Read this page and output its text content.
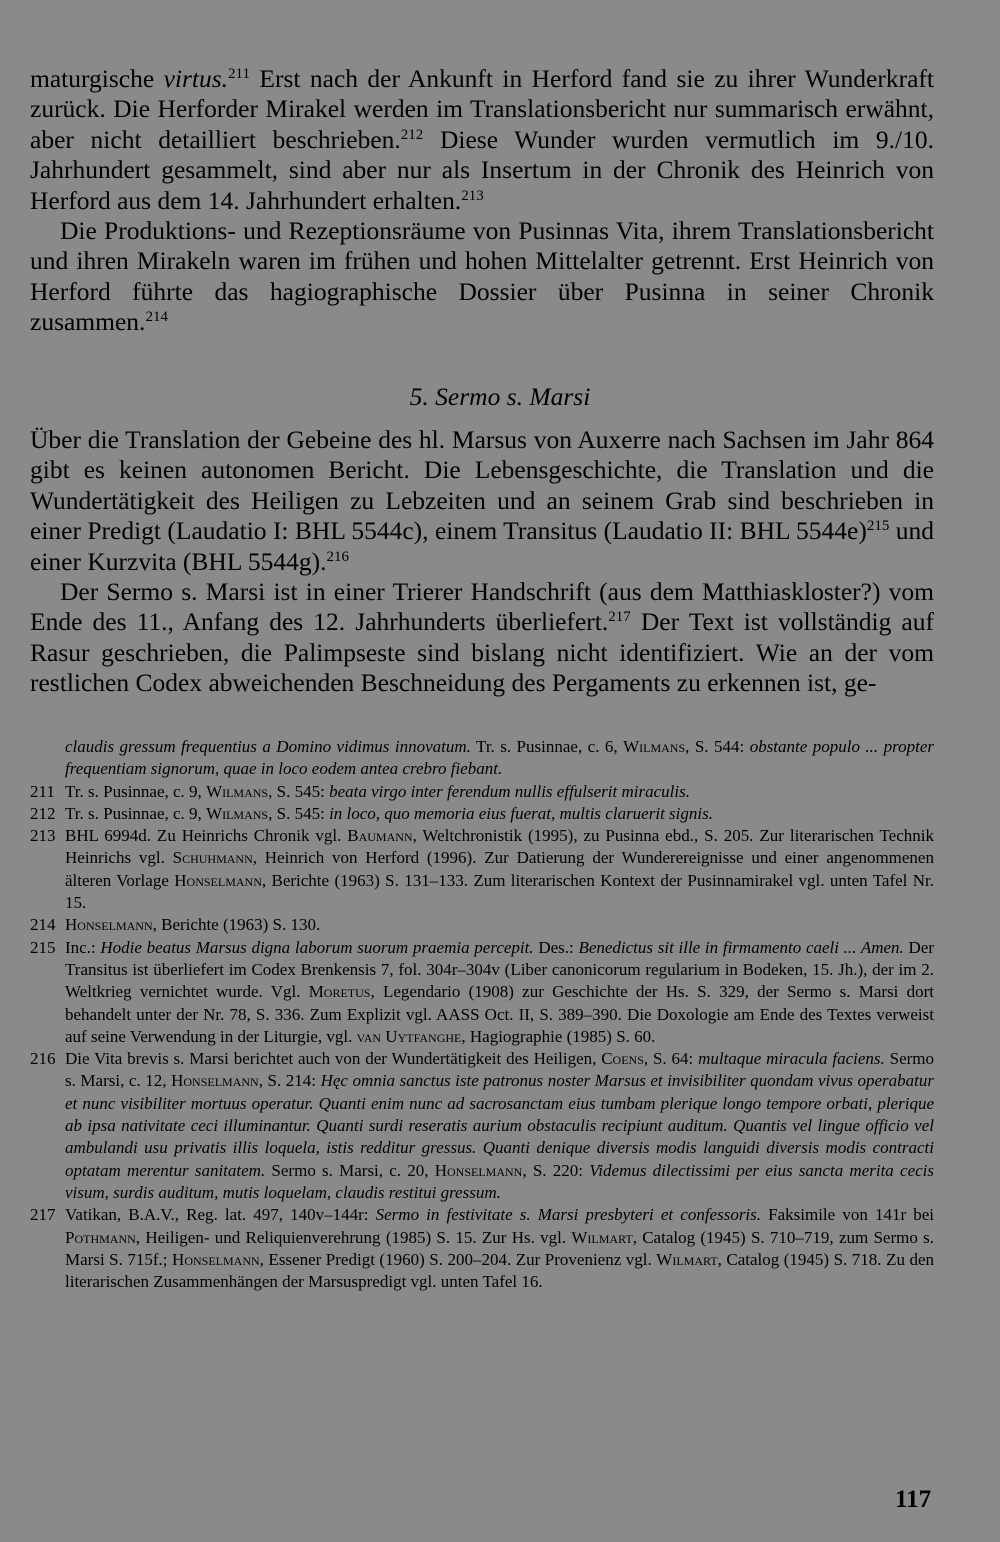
maturgische virtus.$^{211}$ Erst nach der Ankunft in Herford fand sie zu ihrer Wunderkraft zurück. Die Herforder Mirakel werden im Translationsbericht nur summarisch erwähnt, aber nicht detailliert beschrieben.$^{212}$ Diese Wunder wurden vermutlich im 9./10. Jahrhundert gesammelt, sind aber nur als Insertum in der Chronik des Heinrich von Herford aus dem 14. Jahrhundert erhalten.$^{213}$

Die Produktions- und Rezeptionsräume von Pusinnas Vita, ihrem Translationsbericht und ihren Mirakeln waren im frühen und hohen Mittelalter getrennt. Erst Heinrich von Herford führte das hagiographische Dossier über Pusinna in seiner Chronik zusammen.$^{214}$

5. Sermo s. Marsi

Über die Translation der Gebeine des hl. Marsus von Auxerre nach Sachsen im Jahr 864 gibt es keinen autonomen Bericht. Die Lebensgeschichte, die Translation und die Wundertätigkeit des Heiligen zu Lebzeiten und an seinem Grab sind beschrieben in einer Predigt (Laudatio I: BHL 5544c), einem Transitus (Laudatio II: BHL 5544e)$^{215}$ und einer Kurzvita (BHL 5544g).$^{216}$

Der Sermo s. Marsi ist in einer Trierer Handschrift (aus dem Matthiaskloster?) vom Ende des 11., Anfang des 12. Jahrhunderts überliefert.$^{217}$ Der Text ist vollständig auf Rasur geschrieben, die Palimpseste sind bislang nicht identifiziert. Wie an der vom restlichen Codex abweichenden Beschneidung des Pergaments zu erkennen ist, ge-

claudis gressum frequentius a Domino vidimus innovatum. Tr. s. Pusinnae, c. 6, Wilmans, S. 544: obstante populo ... propter frequentiam signorum, quae in loco eodem antea crebro fiebant.
211 Tr. s. Pusinnae, c. 9, Wilmans, S. 545: beata virgo inter ferendum nullis effulserit miraculis.
212 Tr. s. Pusinnae, c. 9, Wilmans, S. 545: in loco, quo memoria eius fuerat, multis claruerit signis.
213 BHL 6994d. Zu Heinrichs Chronik vgl. Baumann, Weltchronistik (1995), zu Pusinna ebd., S. 205. Zur literarischen Technik Heinrichs vgl. Schuhmann, Heinrich von Herford (1996). Zur Datierung der Wunderereignisse und einer angenommenen älteren Vorlage Honselmann, Berichte (1963) S. 131–133. Zum literarischen Kontext der Pusinnamirakel vgl. unten Tafel Nr. 15.
214 Honselmann, Berichte (1963) S. 130.
215 Inc.: Hodie beatus Marsus digna laborum suorum praemia percepit. Des.: Benedictus sit ille in firmamento caeli ... Amen. Der Transitus ist überliefert im Codex Brenkensis 7, fol. 304r–304v (Liber canonicorum regularium in Bodeken, 15. Jh.), der im 2. Weltkrieg vernichtet wurde. Vgl. Moretus, Legendario (1908) zur Geschichte der Hs. S. 329, der Sermo s. Marsi dort behandelt unter der Nr. 78, S. 336. Zum Explizit vgl. AASS Oct. II, S. 389–390. Die Doxologie am Ende des Textes verweist auf seine Verwendung in der Liturgie, vgl. van Uytfanghe, Hagiographie (1985) S. 60.
216 Die Vita brevis s. Marsi berichtet auch von der Wundertätigkeit des Heiligen, Coens, S. 64: multaque miracula faciens. Sermo s. Marsi, c. 12, Honselmann, S. 214: Hęc omnia sanctus iste patronus noster Marsus et invisibiliter quondam vivus operabatur et nunc visibiliter mortuus operatur. Quanti enim nunc ad sacrosanctam eius tumbam plerique longo tempore orbati, plerique ab ipsa nativitate ceci illuminantur. Quanti surdi reseratis aurium obstaculis recipiunt auditum. Quantis vel lingue officio vel ambulandi usu privatis illis loquela, istis redditur gressus. Quanti denique diversis modis languidi diversis modis contracti optatam merentur sanitatem. Sermo s. Marsi, c. 20, Honselmann, S. 220: Videmus dilectissimi per eius sancta merita cecis visum, surdis auditum, mutis loquelam, claudis restitui gressum.
217 Vatikan, B.A.V., Reg. lat. 497, 140v–144r: Sermo in festivitate s. Marsi presbyteri et confessoris. Faksimile von 141r bei Pothmann, Heiligen- und Reliquienverehrung (1985) S. 15. Zur Hs. vgl. Wilmart, Catalog (1945) S. 710–719, zum Sermo s. Marsi S. 715f.; Honselmann, Essener Predigt (1960) S. 200–204. Zur Provenienz vgl. Wilmart, Catalog (1945) S. 718. Zu den literarischen Zusammenhängen der Marsuspredigt vgl. unten Tafel 16.
117
